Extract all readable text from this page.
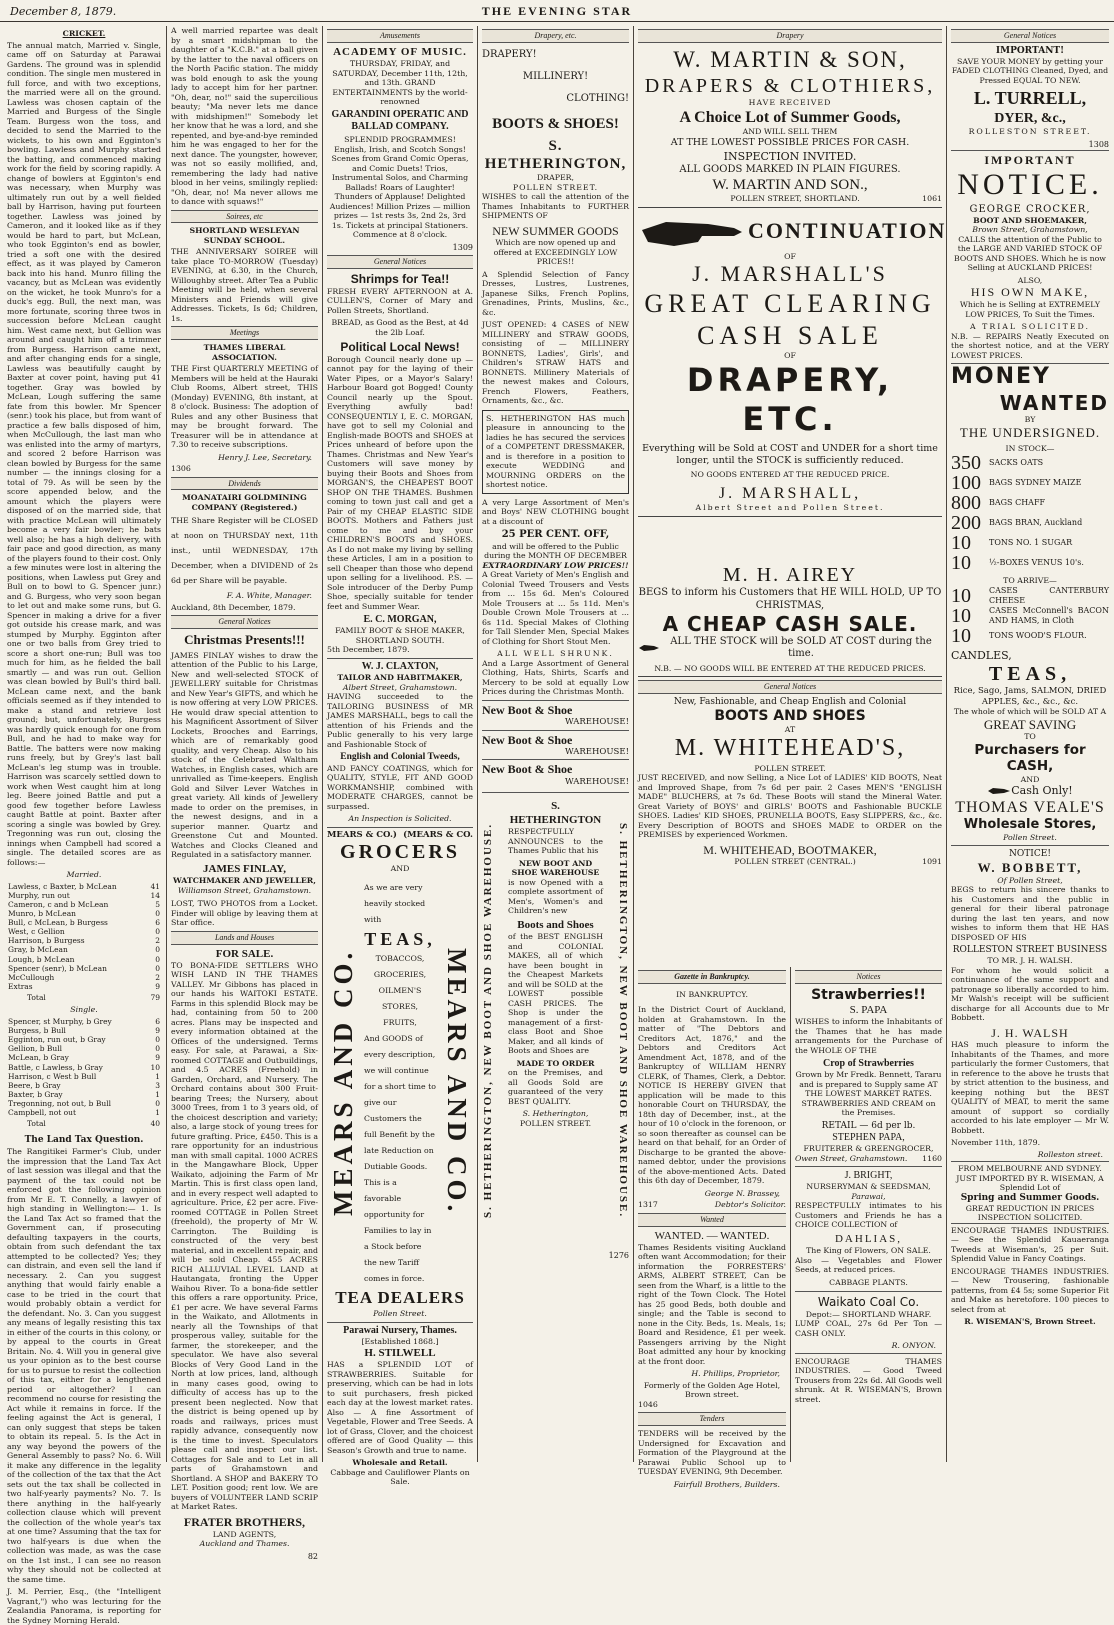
December 8, 1879.	THE EVENING STAR
CRICKET.
The annual match, Married v. Single, came off on Saturday at Parawai Gardens. The ground was in splendid condition. The single men mustered in full force, and with two exceptions, the married were all on the ground. Lawless was chosen captain of the Married and Burgess of the Single Team. Burgess won the toss, and decided to send the Married to the wickets, to his own and Egginton's bowling. Lawless and Murphy started the batting, and commenced making work for the field by scoring rapidly. A change of bowlers at Egginton's end was necessary, when Murphy was ultimately run out by a well fielded ball by Harrison, having put fourteen together. Lawless was joined by Cameron, and it looked like as if they would be hard to part, but McLean, who took Egginton's end as bowler, tried a soft one with the desired effect, as it was played by Cameron back into his hand. Munro filling the vacancy, but as McLean was evidently on the wicket, he took Munro's for a duck's egg. Bull, the next man, was more fortunate, scoring three twos in succession before McLean caught him. West came next, but Gellion was around and caught him off a trimmer from Burgess. Harrison came next, and after changing ends for a single, Lawless was beautifully caught by Baxter at cover point, having put 41 together. Gray was bowled by McLean, Lough suffering the same fate from this bowler. Mr Spencer (senr.) took his place, but from want of practice a few balls disposed of him, when McCullough, the last man who was enlisted into the army of martyrs, and scored 2 before Harrison was clean bowled by Burgess for the same number — the innings closing for a total of 79. As will be seen by the score appended below, and the amount which the players were disposed of on the married side, that with practice McLean will ultimately become a very fair bowler; he bats well also; he has a high delivery, with fair pace and good direction, as many of the players found to their cost. Only a few minutes were lost in altering the positions, when Lawless put Grey and Bull on to bowl to G. Spencer junr.) and G. Burgess, who very soon began to let out and make some runs, but G. Spencer in making a drive for a fiver got outside his crease mark, and was stumped by Murphy. Egginton after one or two balls from Grey tried to score a short one-run; Bull was too much for him, as he fielded the ball smartly — and was run out. Gellion was clean bowled by Bull's third ball. McLean came next, and the bank officials seemed as if they intended to make a stand and retrieve lost ground; but, unfortunately, Burgess was hardly quick enough for one from Bull, and he had to make way for Battle. The batters were now making runs freely, but by Grey's last ball McLean's leg stump was in trouble. Harrison was scarcely settled down to work when West caught him at long leg. Beere joined Battle and put a good few together before Lawless caught Battle at point. Baxter after scoring a single was bowled by Grey. Tregonning was run out, closing the innings when Campbell had scored a single. The detailed scores are as follows:—
Married.
Lawless, c Baxter, b McLean	41
Murphy, run out	14
Cameron, c and b McLean	5
Munro, b McLean	0
Bull, c McLean, b Burgess	6
West, c Gellion	0
Harrison, b Burgess	2
Gray, b McLean	0
Lough, b McLean	0
Spencer (senr), b McLean	0
McCullough	2
Extras	9
Total	79
Single.
Spencer, st Murphy, b Grey	6
Burgess, b Bull	9
Egginton, run out, b Gray	0
Gellion, b Bull	0
McLean, b Gray	9
Battle, c Lawless, b Gray	10
Harrison, c West b Bull	1
Beere, b Gray	3
Baxter, b Gray	1
Tregonning, not out, b Bull	0
Campbell, not out	1
Total	40
The Land Tax Question.
The Rangitikei Farmer's Club, under the impression that the Land Tax Act of last session was illegal and that the payment of the tax could not be enforced got the following opinion from Mr E. T. Connelly, a lawyer of high standing in Wellington:— 1. Is the Land Tax Act so framed that the Government can, if prosecuting defaulting taxpayers in the courts, obtain from such defendant the tax attempted to be collected? Yes; they can distrain, and even sell the land if necessary. 2. Can you suggest anything that would fairly enable a case to be tried in the court that would probably obtain a verdict for the defendant. No. 3. Can you suggest any means of legally resisting this tax in either of the courts in this colony, or by appeal to the courts in Great Britain. No. 4. Will you in general give us your opinion as to the best course for us to pursue to resist the collection of this tax, either for a lengthened period or altogether? I can recommend no course for resisting the Act while it remains in force. If the feeling against the Act is general, I can only suggest that steps be taken to obtain its repeal. 5. Is the Act in any way beyond the powers of the General Assembly to pass? No. 6. Will it make any difference in the legality of the collection of the tax that the Act sets out the tax shall be collected in two half-yearly payments? No. 7. Is there anything in the half-yearly collection clause which will prevent the collection of the whole year's tax at one time? Assuming that the tax for two half-years is due when the collection was made, as was the case on the 1st inst., I can see no reason why they should not be collected at the same time.
J. M. Perrier, Esq., (the "Intelligent Vagrant,") who was lecturing for the Zealandia Panorama, is reporting for the Sydney Morning Herald.
A well married repartee was dealt by a smart midshipman to the daughter of a "K.C.B." at a ball given by the latter to the naval officers on the North Pacific station. The middy was bold enough to ask the young lady to accept him for her partner. "Oh, dear, no!" said the supercilious beauty; "Ma never lets me dance with midshipmen!" Somebody let her know that he was a lord, and she repented, and bye-and-bye reminded him he was engaged to her for the next dance. The youngster, however, was not so easily mollified, and, remembering the lady had native blood in her veins, smilingly replied: "Oh, dear, no! Ma never allows me to dance with squaws!"
Soirees, etc
SHORTLAND WESLEYAN SUNDAY SCHOOL.
THE ANNIVERSARY SOIREE will take place TO-MORROW (Tuesday) EVENING, at 6.30, in the Church, Willoughby street. After Tea a Public Meeting will be held, when several Ministers and Friends will give Addresses. Tickets, Is 6d; Children, 1s.
Meetings
THAMES LIBERAL ASSOCIATION.
THE First QUARTERLY MEETING of Members will be held at the Hauraki Club Rooms, Albert street, THIS (Monday) EVENING, 8th instant, at 8 o'clock. Business: The adoption of Rules and any other Business that may be brought forward. The Treasurer will be in attendance at 7.30 to receive subscriptions.
Henry J. Lee, Secretary.
1306
Dividends
MOANATAIRI GOLDMINING COMPANY (Registered.)
THE Share Register will be CLOSED at noon on THURSDAY next, 11th inst., until WEDNESDAY, 17th December, when a DIVIDEND of 2s 6d per Share will be payable.
F. A. White, Manager.
Auckland, 8th December, 1879.
General Notices
Christmas Presents!!!
JAMES FINLAY wishes to draw the attention of the Public to his Large, New and well-selected STOCK of JEWELLERY suitable for Christmas and New Year's GIFTS, and which he is now offering at very LOW PRICES. He would draw special attention to his Magnificent Assortment of Silver Lockets, Brooches and Earrings, which are of remarkably good quality, and very Cheap. Also to his stock of the Celebrated Waltham Watches, in English cases, which are unrivalled as Time-keepers. English Gold and Silver Lever Watches in great variety. All kinds of Jewellery made to order on the premises, in the newest designs, and in a superior manner. Quartz and Greenstone Cut and Mounted. Watches and Clocks Cleaned and Regulated in a satisfactory manner.
JAMES FINLAY,
WATCHMAKER AND JEWELLER,
Williamson Street, Grahamstown.
LOST, TWO PHOTOS from a Locket. Finder will oblige by leaving them at Star office.
Lands and Houses
FOR SALE.
TO BONA-FIDE SETTLERS WHO WISH LAND IN THE THAMES VALLEY. Mr Gibbons has placed in our hands his WAITOKI ESTATE. Farms in this splendid Block may be had, containing from 50 to 200 acres. Plans may be inspected and every information obtained at the Offices of the undersigned. Terms easy. For sale, at Parawai, a Six-roomed COTTAGE and Outbuildings, and 4.5 ACRES (Freehold) in Garden, Orchard, and Nursery. The Orchard contains about 300 Fruit-bearing Trees; the Nursery, about 3000 Trees, from 1 to 3 years old, of the choicest description and variety; also, a large stock of young trees for future grafting. Price, £450. This is a rare opportunity for an industrious man with small capital. 1000 ACRES in the Mangawhare Block, Upper Waikato, adjoining the Farm of Mr Martin. This is first class open land, and in every respect well adapted to agriculture. Price, £2 per acre. Five-roomed COTTAGE in Pollen Street (freehold), the property of Mr W. Carrington. The Building is constructed of the very best material, and in excellent repair, and will be sold Cheap. 455 ACRES RICH ALLUVIAL LEVEL LAND at Hautangata, fronting the Upper Waihou River. To a bona-fide settler this offers a rare opportunity. Price, £1 per acre. We have several Farms in the Waikato, and Allotments in nearly all the Townships of that prosperous valley, suitable for the farmer, the storekeeper, and the speculator. We have also several Blocks of Very Good Land in the North at low prices, land, although in many cases good, owing to difficulty of access has up to the present been neglected. Now that the district is being opened up by roads and railways, prices must rapidly advance, consequently now is the time to invest. Speculators please call and inspect our list. Cottages for Sale and to Let in all parts of Grahamstown and Shortland. A SHOP and BAKERY TO LET. Position good; rent low. We are buyers of VOLUNTEER LAND SCRIP at Market Rates.
FRATER BROTHERS,
LAND AGENTS,
Auckland and Thames.
82
Amusements
ACADEMY OF MUSIC.
THURSDAY, FRIDAY, and SATURDAY, December 11th, 12th, and 13th. GRAND ENTERTAINMENTS by the world-renowned
GARANDINI OPERATIC AND BALLAD COMPANY.
SPLENDID PROGRAMMES! English, Irish, and Scotch Songs! Scenes from Grand Comic Operas, and Comic Duets! Trios, Instrumental Solos, and Charming Ballads! Roars of Laughter! Thunders of Applause! Delighted Audiences! Million Prizes — million prizes — 1st rests 3s, 2nd 2s, 3rd 1s. Tickets at principal Stationers. Commence at 8 o'clock.
1309
General Notices
Shrimps for Tea!!
FRESH EVERY AFTERNOON at A. CULLEN'S, Corner of Mary and Pollen Streets, Shortland.
BREAD, as Good as the Best, at 4d the 2lb Loaf.
Political Local News!
Borough Council nearly done up — cannot pay for the laying of their Water Pipes, or a Mayor's Salary! Harbour Board got Bogged! County Council nearly up the Spout. Everything awfully bad! CONSEQUENTLY I, E. C. MORGAN, have got to sell my Colonial and English-made BOOTS and SHOES at Prices unheard of before upon the Thames. Christmas and New Year's Customers will save money by buying their Boots and Shoes from MORGAN'S, the CHEAPEST BOOT SHOP ON THE THAMES. Bushmen coming to town just call and get a Pair of my CHEAP ELASTIC SIDE BOOTS. Mothers and Fathers just come to me and buy your CHILDREN'S BOOTS and SHOES. As I do not make my living by selling these Articles, I am in a position to sell Cheaper than those who depend upon selling for a livelihood. P.S. — Sole introducer of the Derby Pump Shoe, specially suitable for tender feet and Summer Wear.
E. C. MORGAN,
FAMILY BOOT & SHOE MAKER, SHORTLAND SOUTH.
5th December, 1879.
W. J. CLAXTON,
TAILOR AND HABITMAKER,
Albert Street, Grahamstown.
HAVING succeeded to the TAILORING BUSINESS of MR JAMES MARSHALL, begs to call the attention of his Friends and the Public generally to his very large and Fashionable Stock of
English and Colonial Tweeds,
AND FANCY COATINGS, which for QUALITY, STYLE, FIT AND GOOD WORKMANSHIP, combined with MODERATE CHARGES, cannot be surpassed.
An Inspection is Solicited.
MEARS & CO.) (MEARS & CO.
GROCERS
AND
MEARS AND CO.
As we are very heavily stocked with
TEAS,
TOBACCOS,
GROCERIES,
OILMEN'S STORES,
FRUITS,
And GOODS of every description, we will continue for a short time to give our Customers the full Benefit by the late Reduction on Dutiable Goods. This is a favorable opportunity for Families to lay in a Stock before the new Tariff comes in force.
MEARS AND CO.
TEA DEALERS
Pollen Street.
Parawai Nursery, Thames.
[Established 1868.]
H. STILWELL
HAS a SPLENDID LOT of STRAWBERRIES. Suitable for preserving, which can be had in lots to suit purchasers, fresh picked each day at the lowest market rates. Also — A fine Assortment of Vegetable, Flower and Tree Seeds. A lot of Grass, Clover, and the choicest offered are of Good Quality — this Season's Growth and true to name.
Wholesale and Retail.
Cabbage and Cauliflower Plants on Sale.
Drapery, etc.
DRAPERY!
MILLINERY!
CLOTHING!
BOOTS & SHOES!
S. HETHERINGTON,
DRAPER,
POLLEN STREET.
WISHES to call the attention of the Thames Inhabitants to FURTHER SHIPMENTS OF
NEW SUMMER GOODS
Which are now opened up and offered at EXCEEDINGLY LOW PRICES!!
A Splendid Selection of Fancy Dresses, Lustres, Lustrenes, Japanese Silks, French Poplins, Grenadines, Prints, Muslins, &c., &c.
JUST OPENED: 4 CASES of NEW MILLINERY and STRAW GOODS, consisting of — MILLINERY BONNETS, Ladies', Girls', and Children's STRAW HATS and BONNETS. Millinery Materials of the newest makes and Colours, French Flowers, Feathers, Ornaments, &c., &c.
S. HETHERINGTON HAS much pleasure in announcing to the ladies he has secured the services of a COMPETENT DRESSMAKER, and is therefore in a position to execute WEDDING and MOURNING ORDERS on the shortest notice.
A very Large Assortment of Men's and Boys' NEW CLOTHING bought at a discount of
25 PER CENT. OFF,
and will be offered to the Public during the MONTH OF DECEMBER
EXTRAORDINARY LOW PRICES!!
A Great Variety of Men's English and Colonial Tweed Trousers and Vests from ... 15s 6d. Men's Coloured Mole Trousers at ... 5s 11d. Men's Double Crown Mole Trousers at ... 6s 11d. Special Makes of Clothing for Tall Slender Men, Special Makes of Clothing for Short Stout Men.
ALL WELL SHRUNK.
And a Large Assortment of General Clothing, Hats, Shirts, Scarfs and Mercery to be sold at equally Low Prices during the Christmas Month.
New Boot & Shoe
WAREHOUSE!
New Boot & Shoe
WAREHOUSE!
New Boot & Shoe
WAREHOUSE!
S. HETHERINGTON, NEW BOOT AND SHOE WAREHOUSE.
S. HETHERINGTON
RESPECTFULLY ANNOUNCES to the Thames Public that his
NEW BOOT AND SHOE WAREHOUSE
is now Opened with a complete assortment of Men's, Women's and Children's new
Boots and Shoes
of the BEST ENGLISH and COLONIAL MAKES, all of which have been bought in the Cheapest Markets and will be SOLD at the LOWEST possible CASH PRICES. The Shop is under the management of a first-class Boot and Shoe Maker, and all kinds of Boots and Shoes are
MADE TO ORDER
on the Premises, and all Goods Sold are guaranteed of the very BEST QUALITY.
S. Hetherington,
POLLEN STREET.	S. HETHERINGTON, NEW BOOT AND SHOE WAREHOUSE.
1276
Drapery
W. MARTIN & SON,
DRAPERS & CLOTHIERS,
HAVE RECEIVED
A Choice Lot of Summer Goods,
AND WILL SELL THEM
AT THE LOWEST POSSIBLE PRICES FOR CASH.
INSPECTION INVITED.
ALL GOODS MARKED IN PLAIN FIGURES.
W. MARTIN AND SON.,
POLLEN STREET, SHORTLAND.	1061
CONTINUATION
OF
J. MARSHALL'S
GREAT CLEARING
CASH SALE
OF
DRAPERY, ETC.
Everything will be Sold at COST and UNDER for a short time longer, until the STOCK is sufficiently reduced.
NO GOODS ENTERED AT THE REDUCED PRICE.
J. MARSHALL,
Albert Street and Pollen Street.
M. H. AIREY
BEGS to inform his Customers that HE WILL HOLD, UP TO CHRISTMAS,
A CHEAP CASH SALE.
ALL THE STOCK will be SOLD AT COST during the time.
N.B. — NO GOODS WILL BE ENTERED AT THE REDUCED PRICES.
General Notices
New, Fashionable, and Cheap English and Colonial
BOOTS AND SHOES
AT
M. WHITEHEAD'S,
POLLEN STREET.
JUST RECEIVED, and now Selling, a Nice Lot of LADIES' KID BOOTS, Neat and Improved Shape, from 7s 6d per pair. 2 Cases MEN'S "ENGLISH MADE" BLUCHERS, at 7s 6d. These Boots will stand the Mineral Water. Great Variety of BOYS' and GIRLS' BOOTS and Fashionable BUCKLE SHOES. Ladies' KID SHOES, PRUNELLA BOOTS, Easy SLIPPERS, &c., &c. Every Description of BOOTS and SHOES MADE to ORDER on the PREMISES by experienced Workmen.
M. WHITEHEAD, BOOTMAKER,
POLLEN STREET (CENTRAL.)	1091
Gazette in Bankruptcy.
IN BANKRUPTCY.
In the District Court of Auckland, holden at Grahamstown. In the matter of "The Debtors and Creditors Act, 1876," and the Debtors and Creditors Act Amendment Act, 1878, and of the Bankruptcy of WILLIAM HENRY CLERK, of Thames, Clerk, a Debtor. NOTICE IS HEREBY GIVEN that application will be made to this honorable Court on THURSDAY, the 18th day of December, inst., at the hour of 10 o'clock in the forenoon, or so soon thereafter as counsel can be heard on that behalf, for an Order of Discharge to be granted the above-named debtor, under the provisions of the above-mentioned Acts. Dated this 6th day of December, 1879.
George N. Brassey,
1317	Debtor's Solicitor.
Wanted
WANTED. — WANTED.
Thames Residents visiting Auckland often want Accommodation; for their information the FORRESTERS' ARMS, ALBERT STREET, Can be seen from the Wharf, is a little to the right of the Town Clock. The Hotel has 25 good Beds, both double and single; and the Table is second to none in the City. Beds, 1s. Meals, 1s; Board and Residence, £1 per week. Passengers arriving by the Night Boat admitted any hour by knocking at the front door.
H. Phillips, Proprietor,
Formerly of the Golden Age Hotel, Brown street.
1046
Tenders
TENDERS will be received by the Undersigned for Excavation and Formation of the Playground at the Parawai Public School up to TUESDAY EVENING, 9th December.
Fairfull Brothers, Builders.
Notices
Strawberries!!
S. PAPA
WISHES to inform the Inhabitants of the Thames that he has made arrangements for the Purchase of the WHOLE OF THE
Crop of Strawberries
Grown by Mr Fredk. Bennett, Tararu and is prepared to Supply same AT THE LOWEST MARKET RATES. STRAWBERRIES AND CREAM on the Premises.
RETAIL — 6d per lb.
STEPHEN PAPA,
FRUITERER & GREENGROCER,
Owen Street, Grahamstown. 1160
J. BRIGHT,
NURSERYMAN & SEEDSMAN,
Parawai,
RESPECTFULLY intimates to his Customers and Friends he has a CHOICE COLLECTION of
DAHLIAS,
The King of Flowers, ON SALE.
Also — Vegetables and Flower Seeds, at reduced prices.
CABBAGE PLANTS.
Waikato Coal Co.
Depot:— SHORTLAND WHARF.
LUMP COAL, 27s 6d Per Ton — CASH ONLY.
R. ONYON.
ENCOURAGE THAMES INDUSTRIES. — Good Tweed Trousers from 22s 6d. All Goods well shrunk. At R. WISEMAN'S, Brown street.
General Notices
IMPORTANT!
SAVE YOUR MONEY by getting your FADED CLOTHING Cleaned, Dyed, and Pressed EQUAL TO NEW.
L. TURRELL,
DYER, &c.,
ROLLESTON STREET.
1308
IMPORTANT
NOTICE.
GEORGE CROCKER,
BOOT AND SHOEMAKER,
Brown Street, Grahamstown,
CALLS the attention of the Public to the LARGE AND VARIED STOCK OF BOOTS AND SHOES. Which he is now Selling at AUCKLAND PRICES!
ALSO,
HIS OWN MAKE,
Which he is Selling at EXTREMELY LOW PRICES, To Suit the Times.
A TRIAL SOLICITED.
N.B. — REPAIRS Neatly Executed on the shortest notice, and at the VERY LOWEST PRICES.
MONEY
WANTED
BY
THE UNDERSIGNED.
IN STOCK—
350	SACKS OATS
100	BAGS SYDNEY MAIZE
800	BAGS CHAFF
200	BAGS BRAN, Auckland
10	TONS NO. 1 SUGAR
10	½-BOXES VENUS 10's.
TO ARRIVE—
10	CASES CANTERBURY CHEESE
10	CASES McConnell's BACON AND HAMS, in Cloth
10	TONS WOOD'S FLOUR.
CANDLES,
TEAS,
Rice, Sago, Jams, SALMON, DRIED APPLES, &c., &c., &c.
The whole of which will be SOLD AT A
GREAT SAVING
TO
Purchasers for CASH,
AND
Cash Only!
THOMAS VEALE'S
Wholesale Stores,
Pollen Street.
NOTICE!
W. BOBBETT,
Of Pollen Street,
BEGS to return his sincere thanks to his Customers and the public in general for their liberal patronage during the last ten years, and now wishes to inform them that HE HAS DISPOSED OF HIS
ROLLESTON STREET BUSINESS
TO MR. J. H. WALSH.
For whom he would solicit a continuance of the same support and patronage so liberally accorded to him. Mr Walsh's receipt will be sufficient discharge for all Accounts due to Mr Bobbett.
J. H. WALSH
HAS much pleasure to inform the Inhabitants of the Thames, and more particularly the former Customers, that in reference to the above he trusts that by strict attention to the business, and keeping nothing but the BEST QUALITY of MEAT, to merit the same amount of support so cordially accorded to his late employer — Mr W. Bobbett.
November 11th, 1879.
Rolleston street.
FROM MELBOURNE AND SYDNEY.
JUST IMPORTED BY R. WISEMAN, A Splendid Lot of
Spring and Summer Goods.
GREAT REDUCTION IN PRICES INSPECTION SOLICITED.
ENCOURAGE THAMES INDUSTRIES. — See the Splendid Kauaeranga Tweeds at Wiseman's, 25 per Suit. Splendid Value in Fancy Coatings.
ENCOURAGE THAMES INDUSTRIES. — New Trousering, fashionable patterns, from £4 5s; some Superior Fit and Make as heretofore. 100 pieces to select from at
R. WISEMAN'S, Brown Street.
